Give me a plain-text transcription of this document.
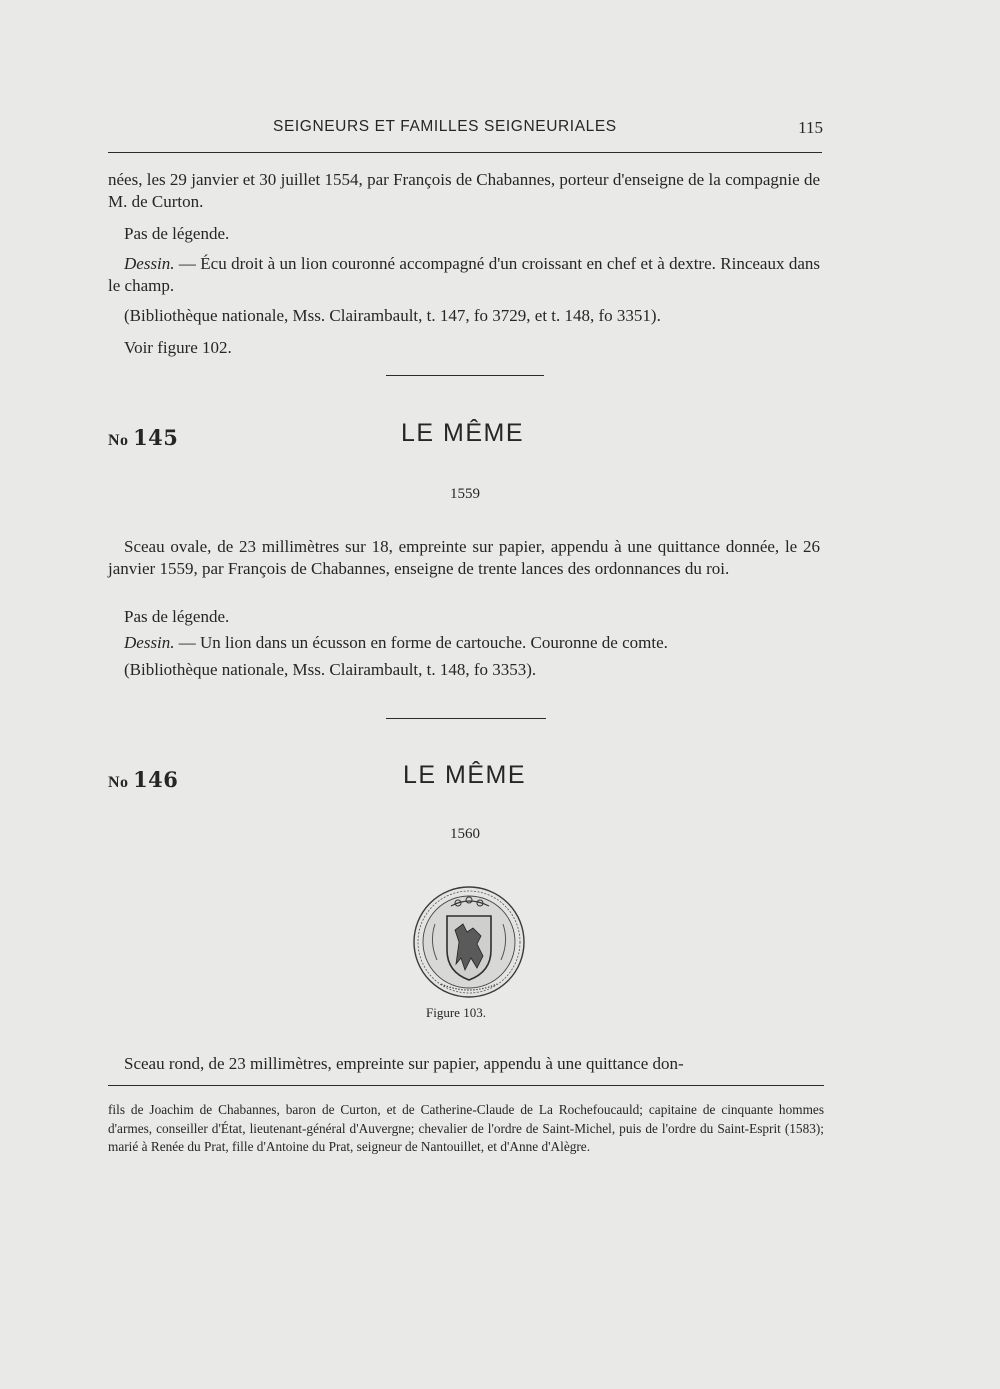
SEIGNEURS ET FAMILLES SEIGNEURIALES	115
nées, les 29 janvier et 30 juillet 1554, par François de Chabannes, porteur d'enseigne de la compagnie de M. de Curton.
Pas de légende.
Dessin. — Écu droit à un lion couronné accompagné d'un croissant en chef et à dextre. Rinceaux dans le champ.
(Bibliothèque nationale, Mss. Clairambault, t. 147, fo 3729, et t. 148, fo 3351).
Voir figure 102.
No 145	LE MÊME
1559
Sceau ovale, de 23 millimètres sur 18, empreinte sur papier, appendu à une quittance donnée, le 26 janvier 1559, par François de Chabannes, enseigne de trente lances des ordonnances du roi.
Pas de légende.
Dessin. — Un lion dans un écusson en forme de cartouche. Couronne de comte.
(Bibliothèque nationale, Mss. Clairambault, t. 148, fo 3353).
No 146	LE MÊME
1560
Figure 103.
Sceau rond, de 23 millimètres, empreinte sur papier, appendu à une quittance don-
fils de Joachim de Chabannes, baron de Curton, et de Catherine-Claude de La Rochefoucauld; capitaine de cinquante hommes d'armes, conseiller d'État, lieutenant-général d'Auvergne; chevalier de l'ordre de Saint-Michel, puis de l'ordre du Saint-Esprit (1583); marié à Renée du Prat, fille d'Antoine du Prat, seigneur de Nantouillet, et d'Anne d'Alègre.
